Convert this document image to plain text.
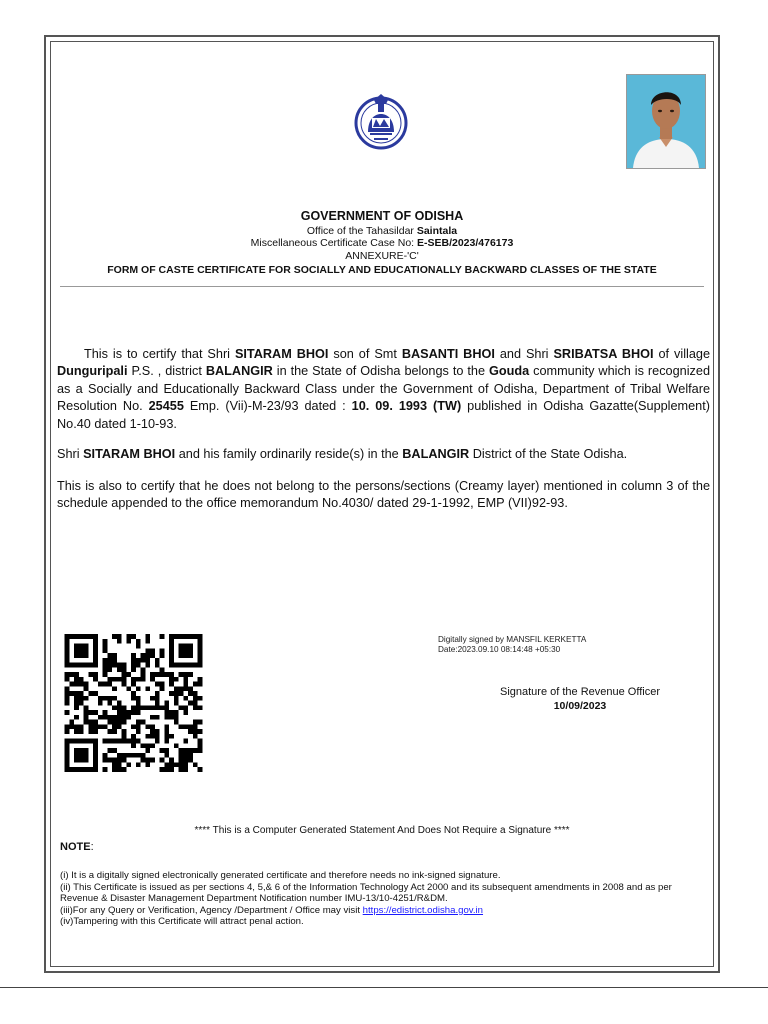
GOVERNMENT OF ODISHA
Office of the Tahasildar Saintala
Miscellaneous Certificate Case No: E-SEB/2023/476173
ANNEXURE-'C'
FORM OF CASTE CERTIFICATE FOR SOCIALLY AND EDUCATIONALLY BACKWARD CLASSES OF THE STATE
This is to certify that Shri SITARAM BHOI son of Smt BASANTI BHOI and Shri SRIBATSA BHOI of village Dunguripali P.S. , district BALANGIR in the State of Odisha belongs to the Gouda community which is recognized as a Socially and Educationally Backward Class under the Government of Odisha, Department of Tribal Welfare Resolution No. 25455 Emp. (Vii)-M-23/93 dated : 10. 09. 1993 (TW) published in Odisha Gazatte(Supplement) No.40 dated 1-10-93.
Shri SITARAM BHOI and his family ordinarily reside(s) in the BALANGIR District of the State Odisha.
This is also to certify that he does not belong to the persons/sections (Creamy layer) mentioned in column 3 of the schedule appended to the office memorandum No.4030/ dated 29-1-1992, EMP (VII)92-93.
Digitally signed by MANSFIL KERKETTA
Date:2023.09.10 08:14:48 +05:30
Signature of the Revenue Officer
10/09/2023
**** This is a Computer Generated Statement And Does Not Require a Signature ****
NOTE:
(i) It is a digitally signed electronically generated certificate and therefore needs no ink-signed signature.
(ii) This Certificate is issued as per sections 4, 5,& 6 of the Information Technology Act 2000 and its subsequent amendments in 2008 and as per Revenue & Disaster Management Department Notification number IMU-13/10-4251/R&DM.
(iii)For any Query or Verification, Agency /Department / Office may visit https://edistrict.odisha.gov.in
(iv)Tampering with this Certificate will attract penal action.
